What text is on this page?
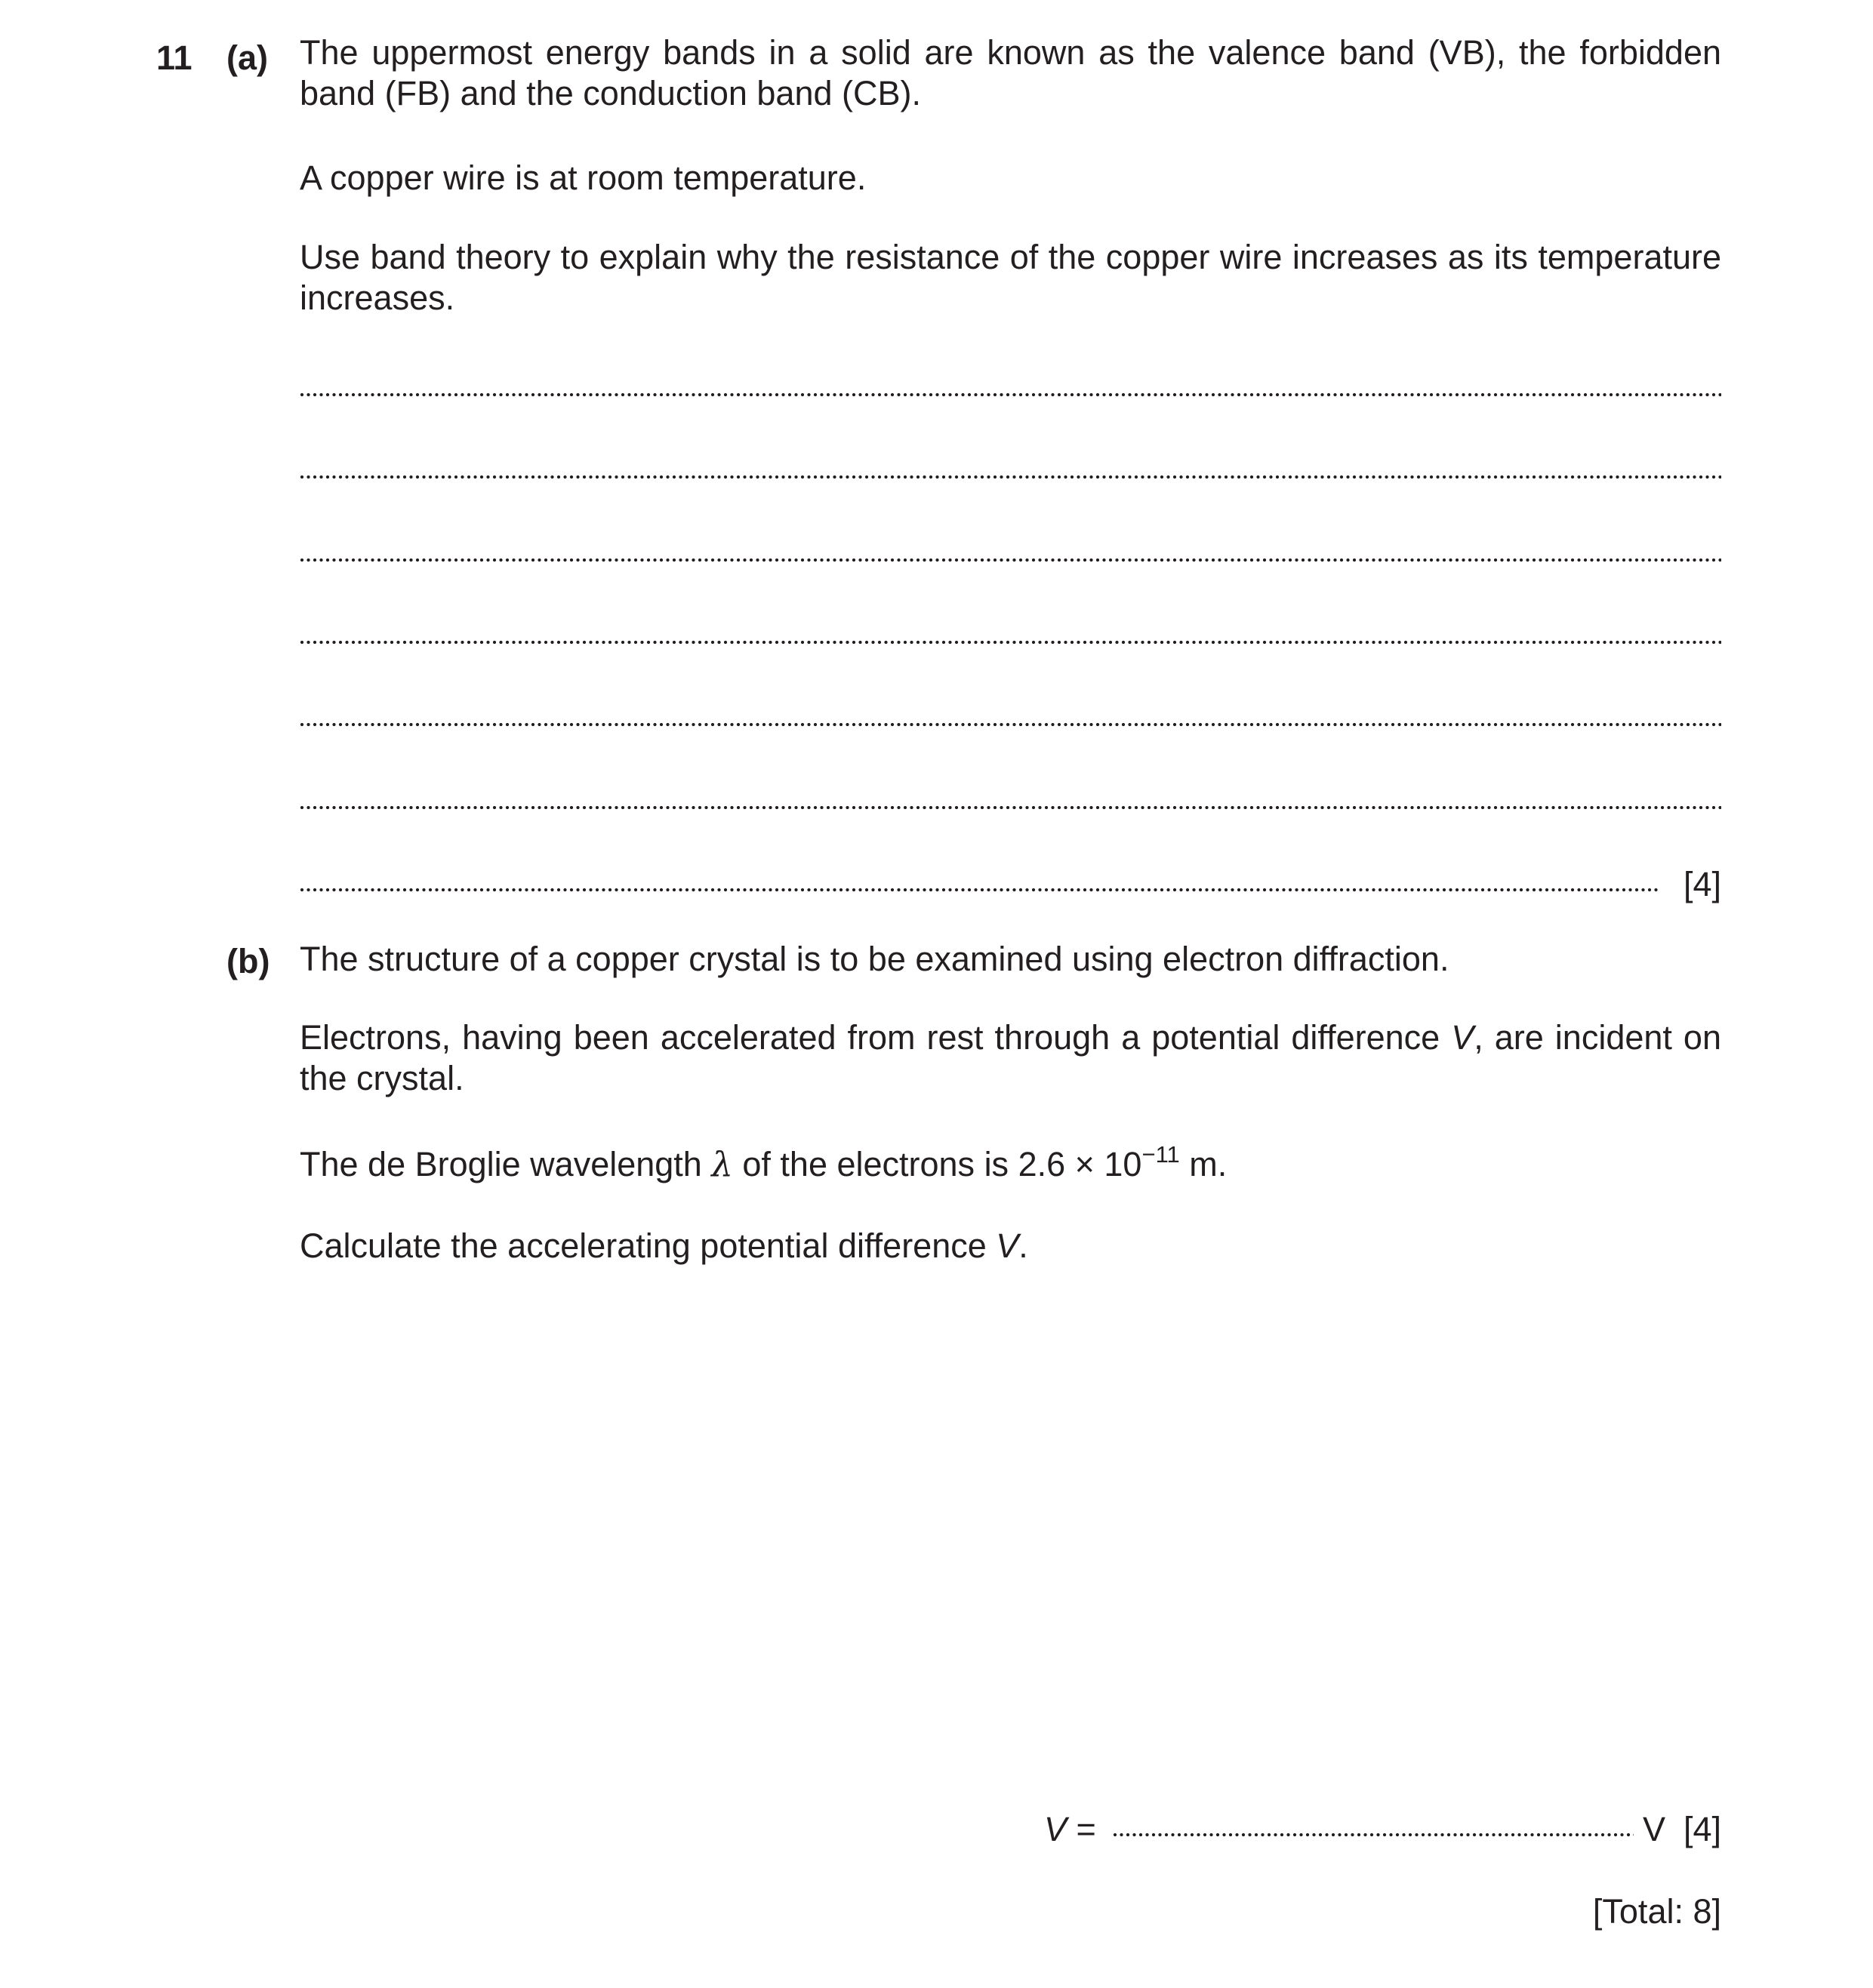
11 (a) The uppermost energy bands in a solid are known as the valence band (VB), the forbidden band (FB) and the conduction band (CB).
A copper wire is at room temperature.
Use band theory to explain why the resistance of the copper wire increases as its temperature increases.
[4]
(b) The structure of a copper crystal is to be examined using electron diffraction.
Electrons, having been accelerated from rest through a potential difference V, are incident on the crystal.
The de Broglie wavelength λ of the electrons is $2.6 \times 10^{-11}$ m.
Calculate the accelerating potential difference V.
V =	V [4]
[Total: 8]
